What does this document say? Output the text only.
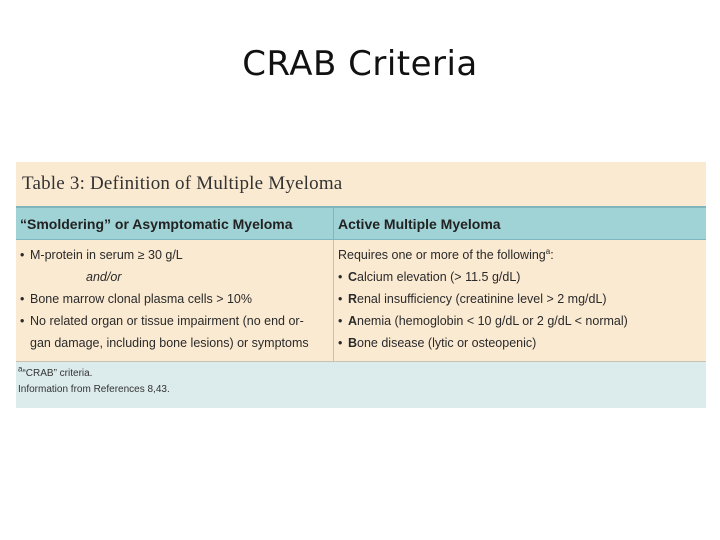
CRAB Criteria
Table 3: Definition of Multiple Myeloma
“Smoldering” or Asymptomatic Myeloma	Active Multiple Myeloma
• M-protein in serum ≥ 30 g/L
and/or
• Bone marrow clonal plasma cells > 10%
• No related organ or tissue impairment (no end or-
gan damage, including bone lesions) or symptoms
Requires one or more of the following$^a$:
• Calcium elevation (> 11.5 g/dL)
• Renal insufficiency (creatinine level > 2 mg/dL)
• Anemia (hemoglobin < 10 g/dL or 2 g/dL < normal)
• Bone disease (lytic or osteopenic)
$^a$“CRAB” criteria.
Information from References 8,43.
